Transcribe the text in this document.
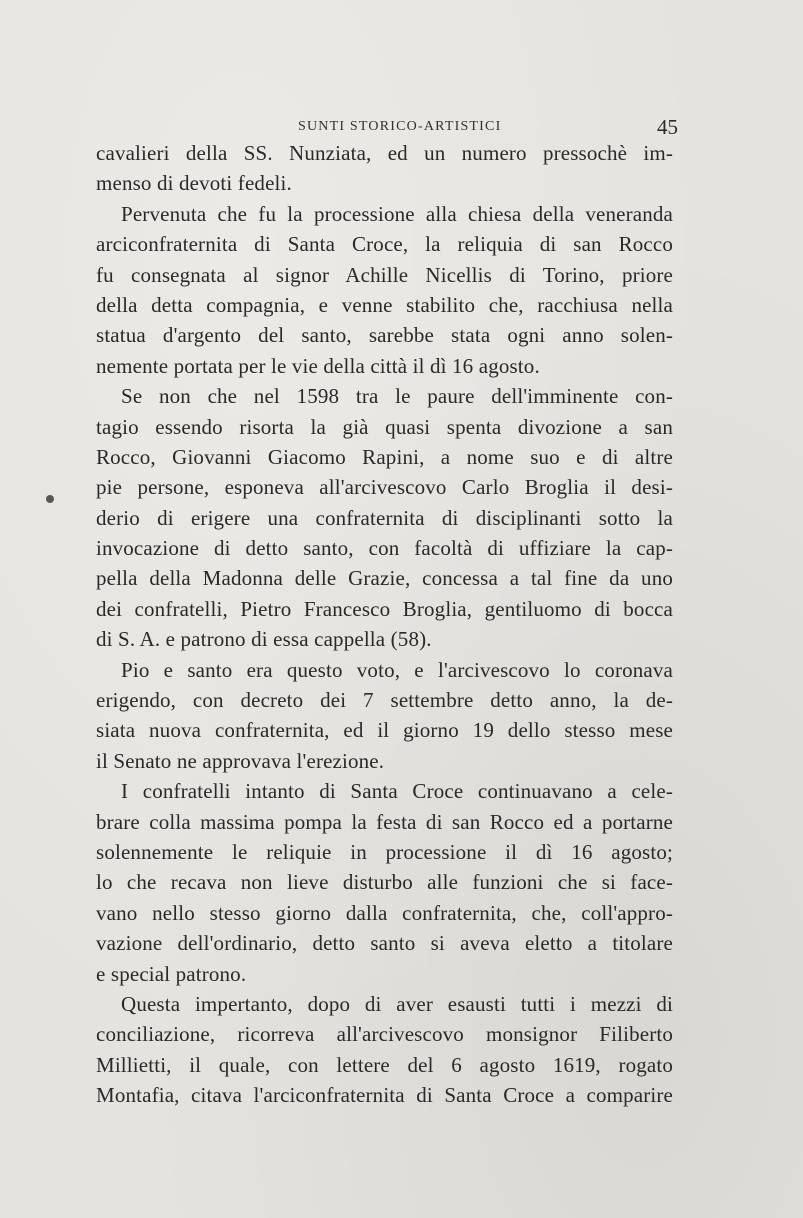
SUNTI STORICO-ARTISTICI	45
cavalieri della SS. Nunziata, ed un numero pressochè im-
menso di devoti fedeli.
Pervenuta che fu la processione alla chiesa della veneranda
arciconfraternita di Santa Croce, la reliquia di san Rocco
fu consegnata al signor Achille Nicellis di Torino, priore
della detta compagnia, e venne stabilito che, racchiusa nella
statua d'argento del santo, sarebbe stata ogni anno solen-
nemente portata per le vie della città il dì 16 agosto.
Se non che nel 1598 tra le paure dell'imminente con-
tagio essendo risorta la già quasi spenta divozione a san
Rocco, Giovanni Giacomo Rapini, a nome suo e di altre
pie persone, esponeva all'arcivescovo Carlo Broglia il desi-
derio di erigere una confraternita di disciplinanti sotto la
invocazione di detto santo, con facoltà di uffiziare la cap-
pella della Madonna delle Grazie, concessa a tal fine da uno
dei confratelli, Pietro Francesco Broglia, gentiluomo di bocca
di S. A. e patrono di essa cappella (58).
Pio e santo era questo voto, e l'arcivescovo lo coronava
erigendo, con decreto dei 7 settembre detto anno, la de-
siata nuova confraternita, ed il giorno 19 dello stesso mese
il Senato ne approvava l'erezione.
I confratelli intanto di Santa Croce continuavano a cele-
brare colla massima pompa la festa di san Rocco ed a portarne
solennemente le reliquie in processione il dì 16 agosto;
lo che recava non lieve disturbo alle funzioni che si face-
vano nello stesso giorno dalla confraternita, che, coll'appro-
vazione dell'ordinario, detto santo si aveva eletto a titolare
e special patrono.
Questa impertanto, dopo di aver esausti tutti i mezzi di
conciliazione, ricorreva all'arcivescovo monsignor Filiberto
Millietti, il quale, con lettere del 6 agosto 1619, rogato
Montafia, citava l'arciconfraternita di Santa Croce a comparire
